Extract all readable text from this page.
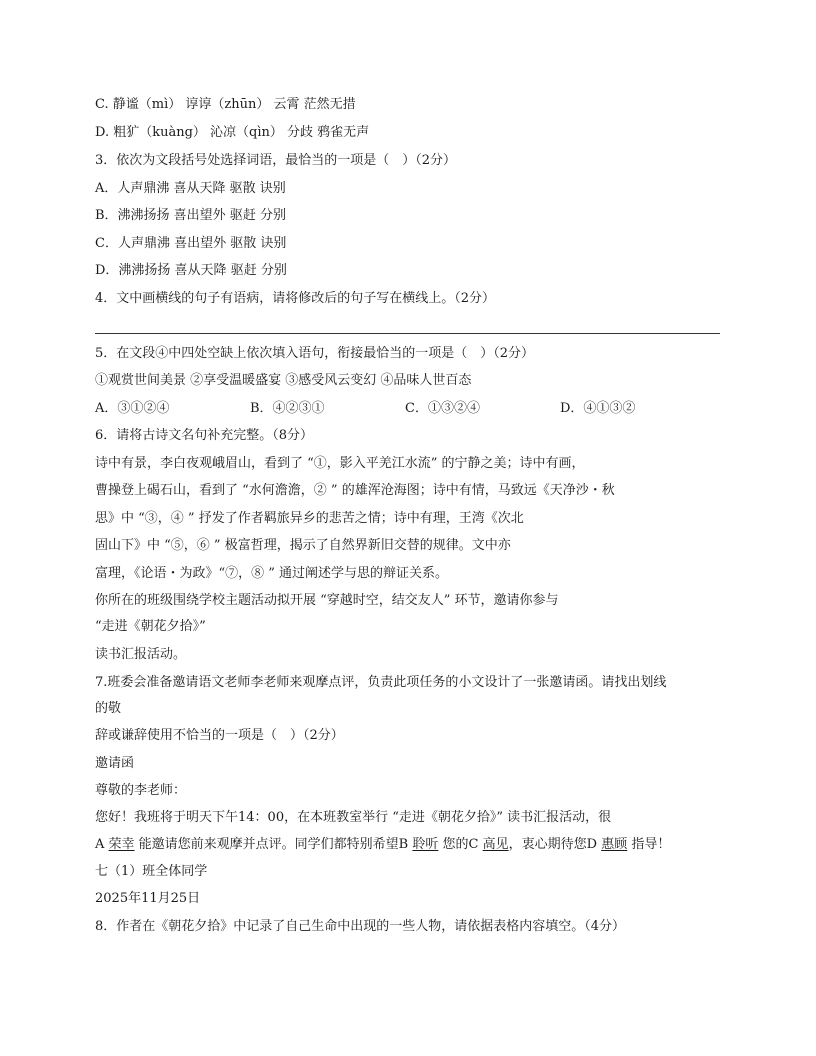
C. 静谧（mì） 谆谆（zhūn） 云霄 茫然无措
D. 粗犷（kuàng） 沁凉（qìn） 分歧 鸦雀无声
3．依次为文段括号处选择词语，最恰当的一项是（　）（2分）
A．人声鼎沸 喜从天降 驱散 诀别
B．沸沸扬扬 喜出望外 驱赶 分别
C．人声鼎沸 喜出望外 驱散 诀别
D．沸沸扬扬 喜从天降 驱赶 分别
4．文中画横线的句子有语病，请将修改后的句子写在横线上。（2分）
5．在文段④中四处空缺上依次填入语句，衔接最恰当的一项是（　）（2分）
①观赏世间美景 ②享受温暖盛宴 ③感受风云变幻 ④品味人世百态
A．③①②④	B．④②③①	C．①③②④	D．④①③②
6．请将古诗文名句补充完整。（8分）
诗中有景，李白夜观峨眉山，看到了 “①，影入平羌江水流” 的宁静之美；诗中有画，
曹操登上碣石山，看到了 “水何澹澹，② ” 的雄浑沧海图；诗中有情，马致远《天净沙・秋
思》中 “③，④ ” 抒发了作者羁旅异乡的悲苦之情；诗中有理，王湾《次北
固山下》中 “⑤，⑥ ” 极富哲理，揭示了自然界新旧交替的规律。文中亦
富理，《论语・为政》“⑦，⑧ ” 通过阐述学与思的辩证关系。
你所在的班级围绕学校主题活动拟开展 “穿越时空，结交友人” 环节，邀请你参与
“走进《朝花夕拾》”
读书汇报活动。
7.班委会准备邀请语文老师李老师来观摩点评，负责此项任务的小文设计了一张邀请函。请找出划线
的敬
辞或谦辞使用不恰当的一项是（　）（2分）
邀请函
尊敬的李老师：
您好！我班将于明天下午14：00，在本班教室举行 “走进《朝花夕拾》” 读书汇报活动，很
A 荣幸 能邀请您前来观摩并点评。同学们都特别希望B 聆听 您的C 高见，衷心期待您D 惠顾 指导！
七（1）班全体同学
2025年11月25日
8．作者在《朝花夕拾》中记录了自己生命中出现的一些人物，请依据表格内容填空。（4分）
